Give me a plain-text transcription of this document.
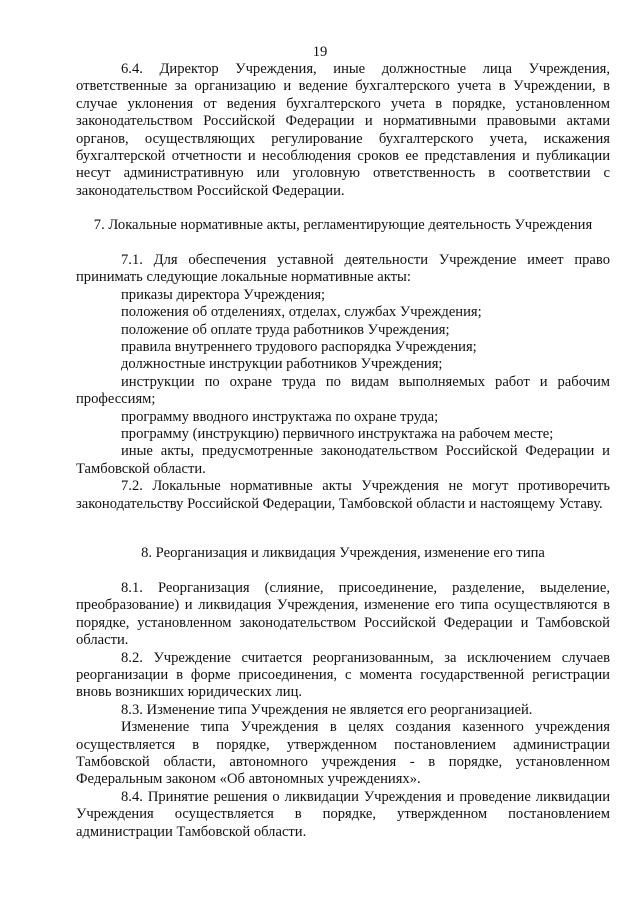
19

6.4. Директор Учреждения, иные должностные лица Учреждения, ответственные за организацию и ведение бухгалтерского учета в Учреждении, в случае уклонения от ведения бухгалтерского учета в порядке, установленном законодательством Российской Федерации и нормативными правовыми актами органов, осуществляющих регулирование бухгалтерского учета, искажения бухгалтерской отчетности и несоблюдения сроков ее представления и публикации несут административную или уголовную ответственность в соответствии с законодательством Российской Федерации.

7. Локальные нормативные акты, регламентирующие деятельность Учреждения

7.1. Для обеспечения уставной деятельности Учреждение имеет право принимать следующие локальные нормативные акты:

приказы директора Учреждения;

положения об отделениях, отделах, службах Учреждения;

положение об оплате труда работников Учреждения;

правила внутреннего трудового распорядка Учреждения;

должностные инструкции работников Учреждения;

инструкции по охране труда по видам выполняемых работ и рабочим профессиям;

программу вводного инструктажа по охране труда;

программу (инструкцию) первичного инструктажа на рабочем месте;

иные акты, предусмотренные законодательством Российской Федерации и Тамбовской области.

7.2. Локальные нормативные акты Учреждения не могут противоречить законодательству Российской Федерации, Тамбовской области и настоящему Уставу.

8. Реорганизация и ликвидация Учреждения, изменение его типа

8.1. Реорганизация (слияние, присоединение, разделение, выделение, преобразование) и ликвидация Учреждения, изменение его типа осуществляются в порядке, установленном законодательством Российской Федерации и Тамбовской области.

8.2. Учреждение считается реорганизованным, за исключением случаев реорганизации в форме присоединения, с момента государственной регистрации вновь возникших юридических лиц.

8.3. Изменение типа Учреждения не является его реорганизацией.

Изменение типа Учреждения в целях создания казенного учреждения осуществляется в порядке, утвержденном постановлением администрации Тамбовской области, автономного учреждения - в порядке, установленном Федеральным законом «Об автономных учреждениях».

8.4. Принятие решения о ликвидации Учреждения и проведение ликвидации Учреждения осуществляется в порядке, утвержденном постановлением администрации Тамбовской области.
